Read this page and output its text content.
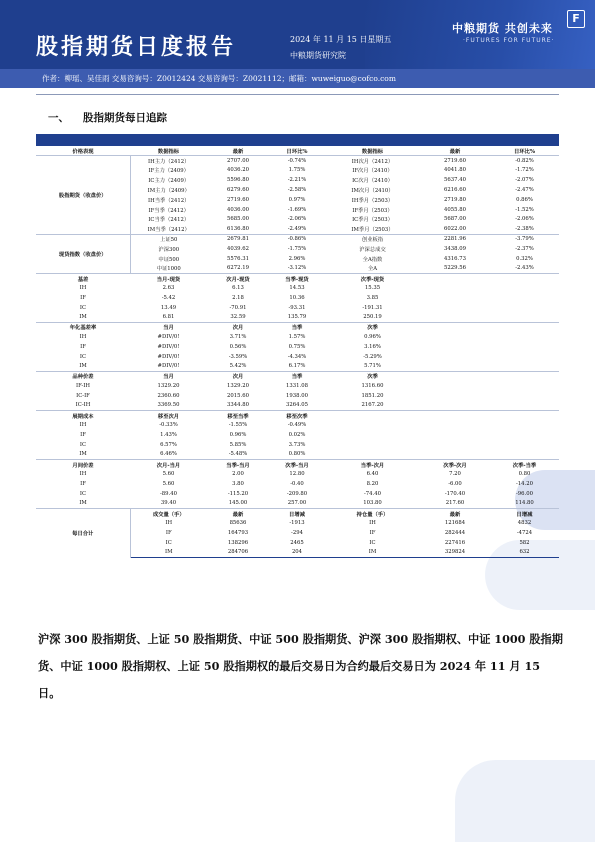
股指期货日度报告	2024 年 11 月 15 日星期五
中粮期货研究院
中粮期货 共创未来
·FUTURES FOR FUTURE·
F
作者：柳瑶、吴佳雨 交易咨询号：Z0012424 交易咨询号：Z0021112；邮箱：wuweiguo@cofco.com
一、 股指期货每日追踪

价格表现	数据指标	最新	日环比%	数据指标	最新	日环比%
股指期货（收盘价）	IH主力（2412）	2707.00	-0.74%	IH次月（2412）	2719.60	-0.82%
	IF主力（2409）	4036.20	1.75%	IF次月（2410）	4041.80	-1.72%
	IC主力（2409）	5596.80	-2.21%	IC次月（2410）	5637.40	-2.07%
	IM主力（2409）	6279.60	-2.58%	IM次月（2410）	6216.60	-2.47%
	IH当季（2412）	2719.60	0.97%	IH季月（2503）	2719.80	0.86%
	IF当季（2412）	4036.00	-1.69%	IF季月（2503）	4055.80	-1.52%
	IC当季（2412）	5685.00	-2.06%	IC季月（2503）	5687.00	-2.06%
	IM当季（2412）	6136.80	-2.49%	IM季月（2503）	6022.00	-2.38%
现货指数（收盘价）	上证50	2679.81	-0.86%	创业板指	2281.96	-3.79%
	沪深300	4039.62	-1.75%	沪深总成交	3438.09	-2.37%
	中证500	5576.31	2.96%	全A指数	4316.73	0.32%
	中证1000	6272.19	-3.12%	全A	5229.56	-2.43%
基差	当月-现货	次月-现货	当季-现货	次季-现货		
IH	2.63	6.13	14.53	15.35		
IF	-5.42	2.18	10.36	3.85		
IC	13.49	-70.91	-93.31	-191.31		
IM	6.81	32.59	135.79	250.19		
年化基差率	当月	次月	当季	次季		
IH	#DIV/0!	3.71%	1.57%	0.96%		
IF	#DIV/0!	0.56%	0.75%	3.16%		
IC	#DIV/0!	-3.59%	-4.34%	-5.29%		
IM	#DIV/0!	5.42%	6.17%	5.71%		
品种价差	当月	次月	当季	次季		
IF-IH	1329.20	1329.20	1331.08	1316.60		
IC-IF	2360.60	2015.60	1938.00	1851.20		
IC-IH	3369.50	3344.80	3264.05	2167.20		
展期成本	移至次月	移至当季	移至次季			
IH	-0.33%	-1.55%	-0.49%			
IF	1.43%	0.96%	0.02%			
IC	6.57%	5.85%	3.73%			
IM	6.46%	-5.48%	0.80%			
月间价差	次月-当月	当季-当月	次季-当月	当季-次月	次季-次月	次季-当季
IH	5.60	2.00	12.80	6.40	7.20	0.80
IF	5.60	3.80	-0.40	8.20	-6.00	-14.20
IC	-89.40	-115.20	-209.80	-74.40	-170.40	-96.00
IM	39.40	145.00	257.00	103.80	217.60	114.80
每日合计	成交量（手）	最新	日增减	持仓量（手）	最新	日增减
	IH	85636	-1913	IH	121684	4832
	IF	164793	-294	IF	282444	-4724
	IC	138296	2465	IC	227416	582
	IM	284706	204	IM	329824	632
沪深 300 股指期货、上证 50 股指期货、中证 500 股指期货、沪深 300 股指期权、中证 1000 股指期货、中证 1000 股指期权、上证 50 股指期权的最后交易日为合约最后交易日为 2024 年 11 月 15 日。
